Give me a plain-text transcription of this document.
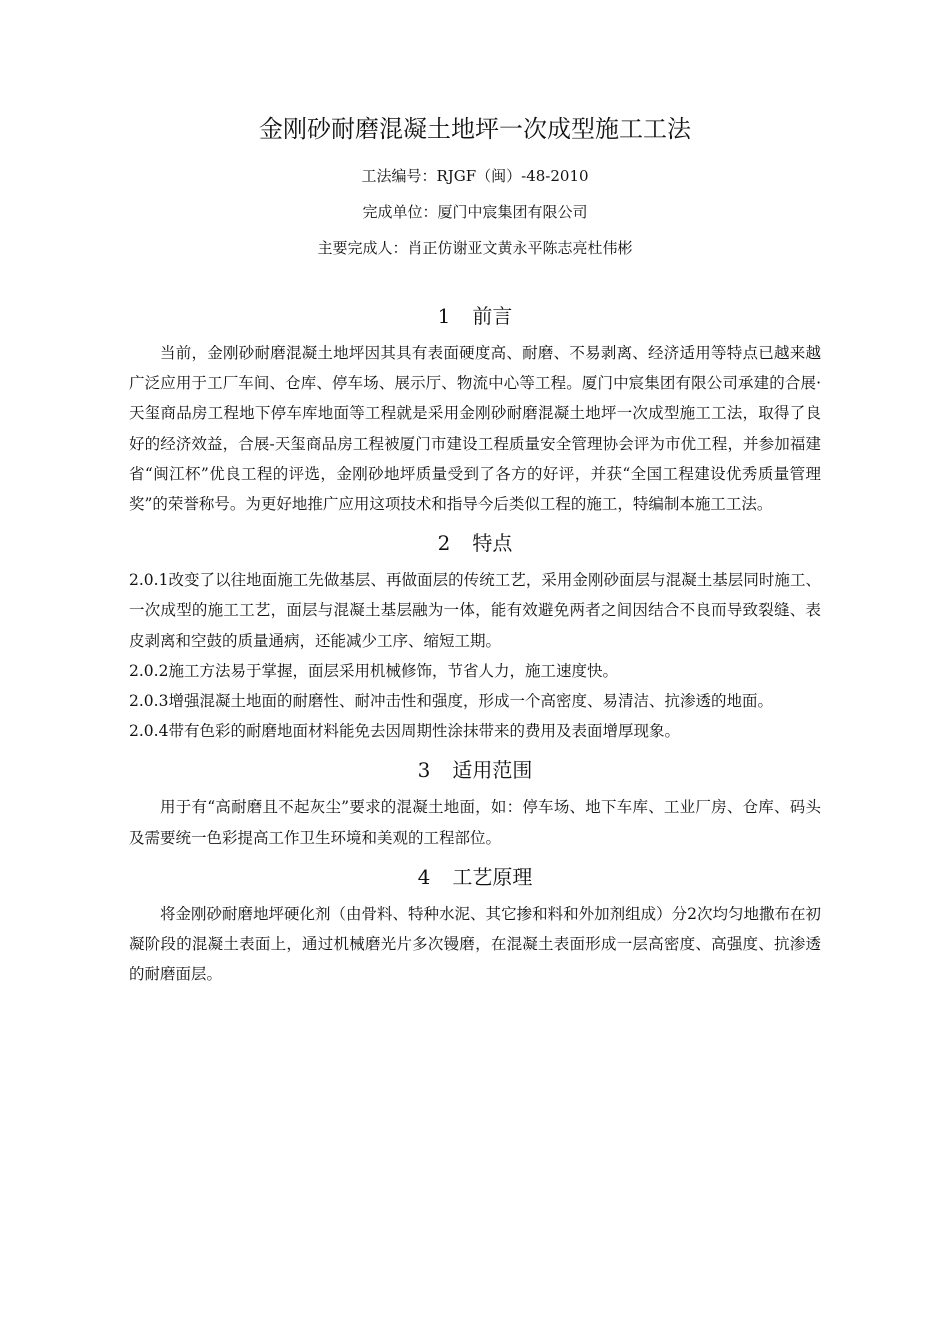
金刚砂耐磨混凝土地坪一次成型施工工法
工法编号：RJGF（闽）-48-2010
完成单位：厦门中宸集团有限公司
主要完成人：肖正仿谢亚文黄永平陈志亮杜伟彬
1 前言

当前，金刚砂耐磨混凝土地坪因其具有表面硬度高、耐磨、不易剥离、经济适用等特点已越来越广泛应用于工厂车间、仓库、停车场、展示厅、物流中心等工程。厦门中宸集团有限公司承建的合展·天玺商品房工程地下停车库地面等工程就是采用金刚砂耐磨混凝土地坪一次成型施工工法，取得了良好的经济效益，合展-天玺商品房工程被厦门市建设工程质量安全管理协会评为市优工程，并参加福建省“闽江杯”优良工程的评选，金刚砂地坪质量受到了各方的好评，并获“全国工程建设优秀质量管理奖”的荣誉称号。为更好地推广应用这项技术和指导今后类似工程的施工，特编制本施工工法。

2 特点

2.0.1改变了以往地面施工先做基层、再做面层的传统工艺，采用金刚砂面层与混凝土基层同时施工、一次成型的施工工艺，面层与混凝土基层融为一体，能有效避免两者之间因结合不良而导致裂缝、表皮剥离和空鼓的质量通病，还能减少工序、缩短工期。

2.0.2施工方法易于掌握，面层采用机械修饰，节省人力，施工速度快。

2.0.3增强混凝土地面的耐磨性、耐冲击性和强度，形成一个高密度、易清洁、抗渗透的地面。

2.0.4带有色彩的耐磨地面材料能免去因周期性涂抹带来的费用及表面增厚现象。

3 适用范围

用于有“高耐磨且不起灰尘”要求的混凝土地面，如：停车场、地下车库、工业厂房、仓库、码头及需要统一色彩提高工作卫生环境和美观的工程部位。

4 工艺原理

将金刚砂耐磨地坪硬化剂（由骨料、特种水泥、其它掺和料和外加剂组成）分2次均匀地撒布在初凝阶段的混凝土表面上，通过机械磨光片多次镘磨，在混凝土表面形成一层高密度、高强度、抗渗透的耐磨面层。
